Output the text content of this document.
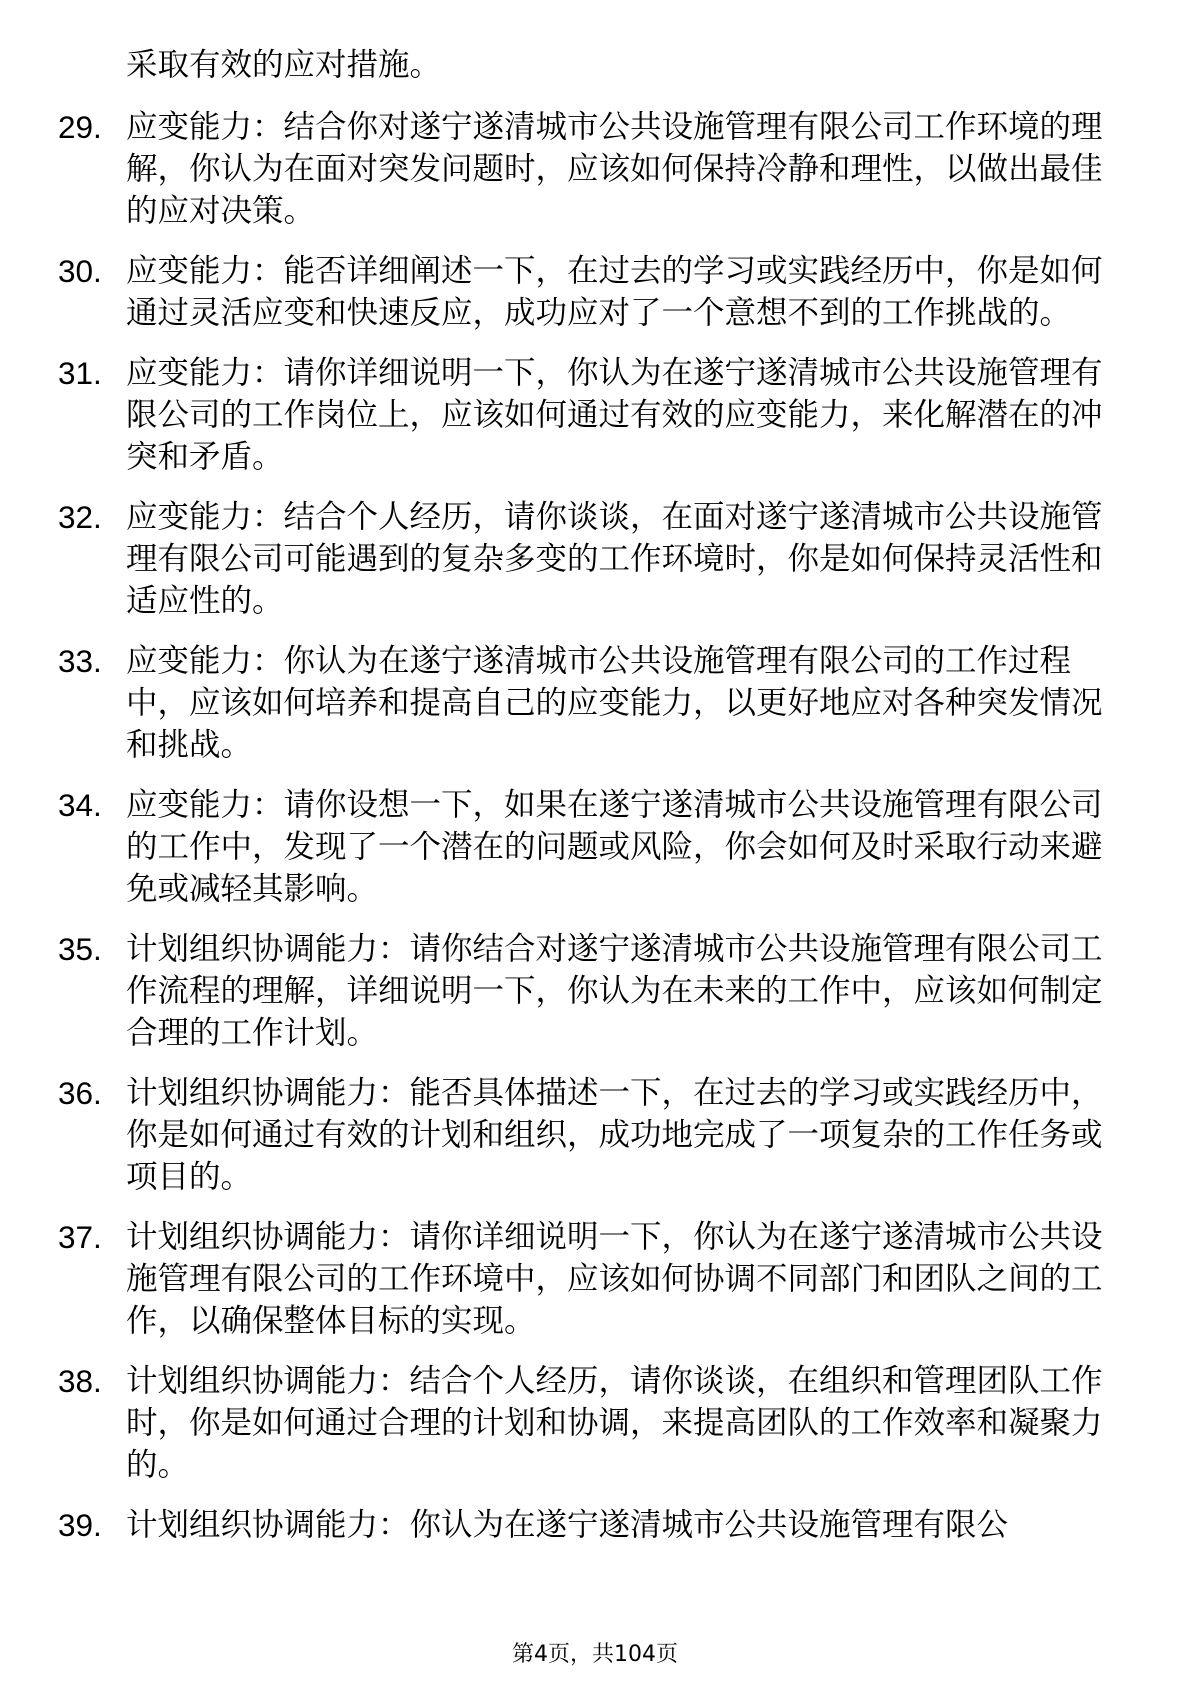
采取有效的应对措施。
29. 应变能力：结合你对遂宁遂清城市公共设施管理有限公司工作环境的理解，你认为在面对突发问题时，应该如何保持冷静和理性，以做出最佳的应对决策。
30. 应变能力：能否详细阐述一下，在过去的学习或实践经历中，你是如何通过灵活应变和快速反应，成功应对了一个意想不到的工作挑战的。
31. 应变能力：请你详细说明一下，你认为在遂宁遂清城市公共设施管理有限公司的工作岗位上，应该如何通过有效的应变能力，来化解潜在的冲突和矛盾。
32. 应变能力：结合个人经历，请你谈谈，在面对遂宁遂清城市公共设施管理有限公司可能遇到的复杂多变的工作环境时，你是如何保持灵活性和适应性的。
33. 应变能力：你认为在遂宁遂清城市公共设施管理有限公司的工作过程中，应该如何培养和提高自己的应变能力，以更好地应对各种突发情况和挑战。
34. 应变能力：请你设想一下，如果在遂宁遂清城市公共设施管理有限公司的工作中，发现了一个潜在的问题或风险，你会如何及时采取行动来避免或减轻其影响。
35. 计划组织协调能力：请你结合对遂宁遂清城市公共设施管理有限公司工作流程的理解，详细说明一下，你认为在未来的工作中，应该如何制定合理的工作计划。
36. 计划组织协调能力：能否具体描述一下，在过去的学习或实践经历中，你是如何通过有效的计划和组织，成功地完成了一项复杂的工作任务或项目的。
37. 计划组织协调能力：请你详细说明一下，你认为在遂宁遂清城市公共设施管理有限公司的工作环境中，应该如何协调不同部门和团队之间的工作，以确保整体目标的实现。
38. 计划组织协调能力：结合个人经历，请你谈谈，在组织和管理团队工作时，你是如何通过合理的计划和协调，来提高团队的工作效率和凝聚力的。
39. 计划组织协调能力：你认为在遂宁遂清城市公共设施管理有限公
第4页，共104页
